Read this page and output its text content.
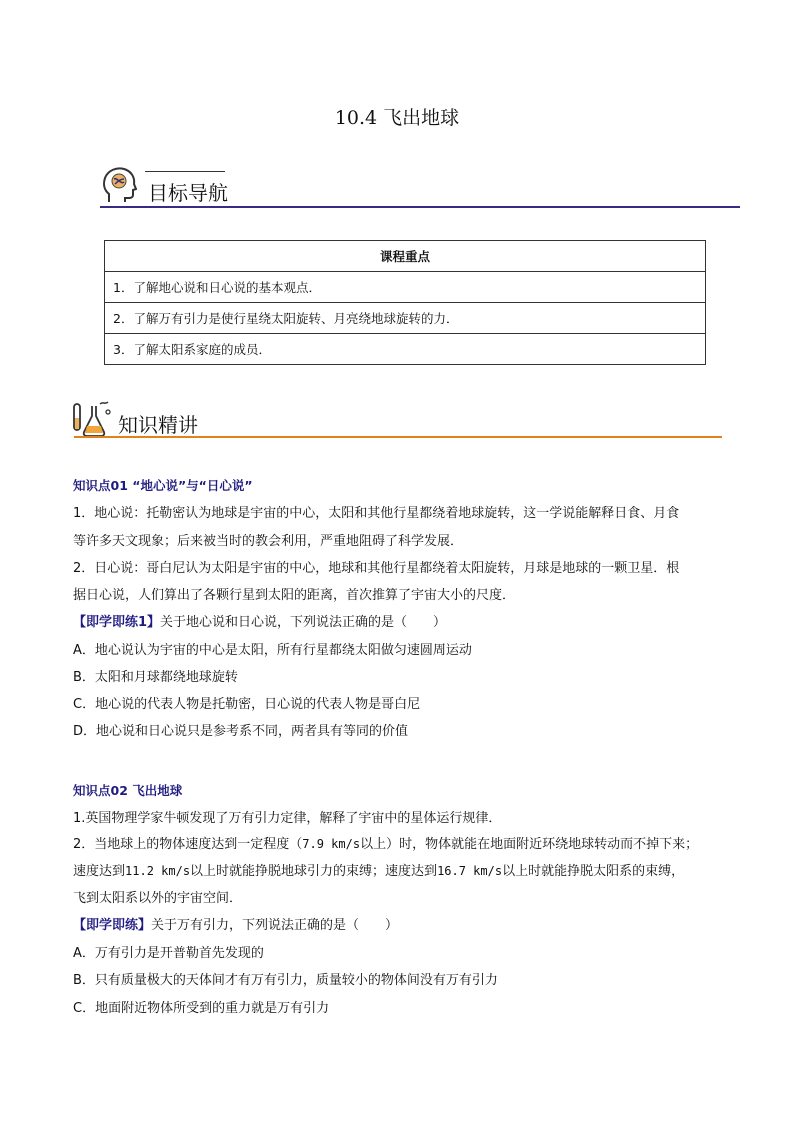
10.4 飞出地球
目标导航
课程重点
1．了解地心说和日心说的基本观点．
2．了解万有引力是使行星绕太阳旋转、月亮绕地球旋转的力．
3．了解太阳系家庭的成员．
知识精讲
知识点01 “地心说”与“日心说”
1．地心说：托勒密认为地球是宇宙的中心，太阳和其他行星都绕着地球旋转，这一学说能解释日食、月食
等许多天文现象；后来被当时的教会利用，严重地阻碍了科学发展．
2．日心说：哥白尼认为太阳是宇宙的中心，地球和其他行星都绕着太阳旋转，月球是地球的一颗卫星．根
据日心说，人们算出了各颗行星到太阳的距离，首次推算了宇宙大小的尺度．
【即学即练1】关于地心说和日心说，下列说法正确的是（　　）
A．地心说认为宇宙的中心是太阳，所有行星都绕太阳做匀速圆周运动
B．太阳和月球都绕地球旋转
C．地心说的代表人物是托勒密，日心说的代表人物是哥白尼
D．地心说和日心说只是参考系不同，两者具有等同的价值
知识点02 飞出地球
1.英国物理学家牛顿发现了万有引力定律，解释了宇宙中的星体运行规律．
2．当地球上的物体速度达到一定程度（7.9 km/s以上）时，物体就能在地面附近环绕地球转动而不掉下来；
速度达到11.2 km/s以上时就能挣脱地球引力的束缚；速度达到16.7 km/s以上时就能挣脱太阳系的束缚，
飞到太阳系以外的宇宙空间．
【即学即练】关于万有引力，下列说法正确的是（　　）
A．万有引力是开普勒首先发现的
B．只有质量极大的天体间才有万有引力，质量较小的物体间没有万有引力
C．地面附近物体所受到的重力就是万有引力
